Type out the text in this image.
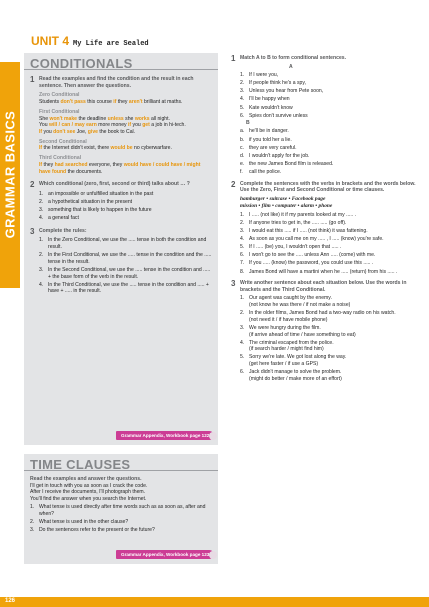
GRAMMAR BASICS
UNIT 4 My Life are Sealed
CONDITIONALS
1 Read the examples and find the condition and the result in each sentence. Then answer the questions.
Zero Conditional
Students don't pass this course if they aren't brilliant at maths.
First Conditional
She won't make the deadline unless she works all night.
You will / can / may earn more money if you get a job in hi-tech.
If you don't see Joe, give the book to Cal.
Second Conditional
If the Internet didn't exist, there would be no cyberwarfare.
Third Conditional
If they had searched everyone, they would have / could have / might have found the documents.
2 Which conditional (zero, first, second or third) talks about … ?
1. an impossible or unfulfilled situation in the past
2. a hypothetical situation in the present
3. something that is likely to happen in the future
4. a general fact
3 Complete the rules:
1. In the Zero Conditional, we use the ..... tense in both the condition and result.
2. In the First Conditional, we use the ..... tense in the condition and the ..... tense in the result.
3. In the Second Conditional, we use the ..... tense in the condition and ..... + the base form of the verb in the result.
4. In the Third Conditional, we use the ..... tense in the condition and ..... + have + ..... in the result.
Grammar Appendix, Workbook page 122
TIME CLAUSES
Read the examples and answer the questions.
I'll get in touch with you as soon as I crack the code.
After I receive the documents, I'll photograph them.
You'll find the answer when you search the Internet.
1. What tense is used directly after time words such as as soon as, after and when?
2. What tense is used in the other clause?
3. Do the sentences refer to the present or the future?
Grammar Appendix, Workbook page 123
1 Match A to B to form conditional sentences.
A
1. If I were you,
2. If people think he's a spy,
3. Unless you hear from Pete soon,
4. I'll be happy when
5. Kate wouldn't know
6. Spies don't survive unless
B
a. he'll be in danger.
b. if you told her a lie.
c. they are very careful.
d. I wouldn't apply for the job.
e. the new James Bond film is released.
f.	call the police.
2 Complete the sentences with the verbs in brackets and the words below. Use the Zero, First and Second Conditional or time clauses.
hamburger • suitcase • Facebook page
mission • film • computer • alarm • phone
1. I ..... (not like) it if my parents looked at my ..... .
2. If anyone tries to get in, the ..... ..... (go off).
3. I would eat this ..... if I ..... (not think) it was fattening.
4. As soon as you call me on my ..... , I ..... (know) you're safe.
5. If I ..... (be) you, I wouldn't open that ..... .
6. I won't go to see the ..... unless Ann ..... (come) with me.
7. If you ..... (know) the password, you could use this ..... .
8. James Bond will have a martini when he ..... (return) from his ..... .
3 Write another sentence about each situation below. Use the words in brackets and the Third Conditional.
1. Our agent was caught by the enemy.
(not know he was there / if not make a noise)
2. In the older films, James Bond had a two-way radio on his watch.
(not need it / if have mobile phone)
3. We were hungry during the film.
(if arrive ahead of time / have something to eat)
4. The criminal escaped from the police.
(if search harder / might find him)
5. Sorry we're late. We got lost along the way.
(get here faster / if use a GPS)
6. Jack didn't manage to solve the problem.
(might do better / make more of an effort)
126
